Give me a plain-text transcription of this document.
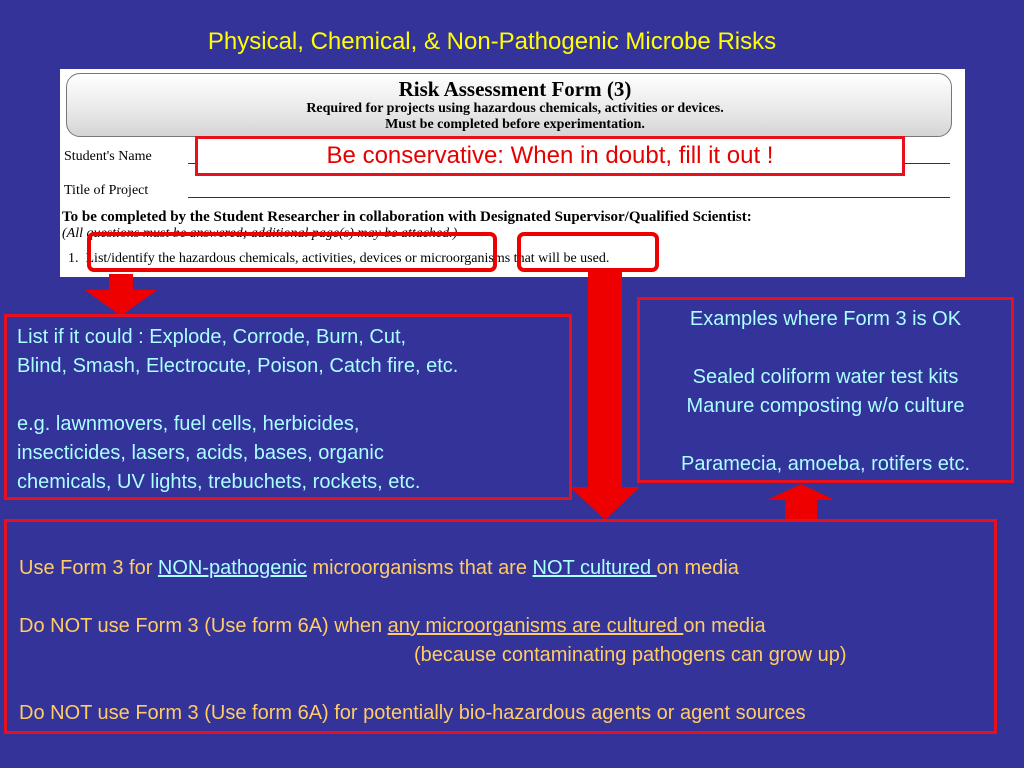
Physical, Chemical, & Non-Pathogenic Microbe Risks
Risk Assessment Form (3)
Required for projects using hazardous chemicals, activities or devices.
Must be completed before experimentation.
Student's Name
Title of Project
To be completed by the Student Researcher in collaboration with Designated Supervisor/Qualified Scientist:
(All questions must be answered; additional page(s) may be attached.)
1. List/identify the hazardous chemicals, activities, devices or microorganisms that will be used.
Be conservative: When in doubt, fill it out !

List if it could : Explode, Corrode, Burn, Cut,

Blind, Smash, Electrocute, Poison, Catch fire, etc.

e.g. lawnmovers, fuel cells, herbicides,

insecticides, lasers, acids, bases, organic

chemicals, UV lights, trebuchets, rockets, etc.

Examples where Form 3 is OK

Sealed coliform water test kits

Manure composting w/o culture

Paramecia, amoeba, rotifers etc.

Use Form 3 for NON-pathogenic microorganisms that are NOT cultured on media

Do NOT use Form 3 (Use form 6A) when any microorganisms are cultured on media

(because contaminating pathogens can grow up)

Do NOT use Form 3 (Use form 6A) for potentially bio-hazardous agents or agent sources
